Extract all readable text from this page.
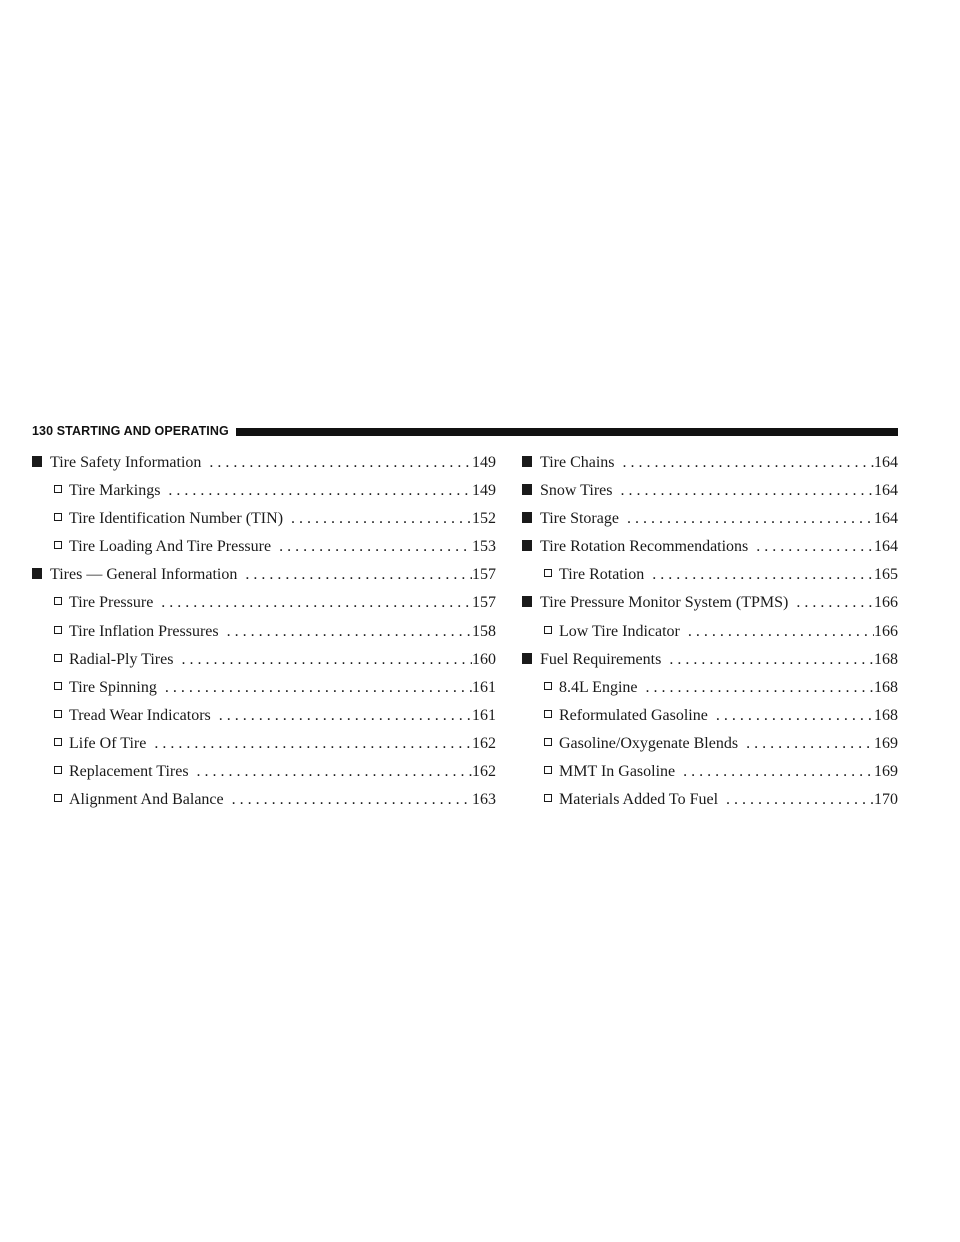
130 STARTING AND OPERATING
Tire Safety Information . . .	149
Tire Markings . . .	149
Tire Identification Number (TIN) . . .	152
Tire Loading And Tire Pressure . . .	153
Tires — General Information . . .	157
Tire Pressure . . .	157
Tire Inflation Pressures . . .	158
Radial-Ply Tires . . .	160
Tire Spinning . . .	161
Tread Wear Indicators . . .	161
Life Of Tire . . .	162
Replacement Tires . . .	162
Alignment And Balance . . .	163
Tire Chains . . .	164
Snow Tires . . .	164
Tire Storage . . .	164
Tire Rotation Recommendations . . .	164
Tire Rotation . . .	165
Tire Pressure Monitor System (TPMS) . . .	166
Low Tire Indicator . . .	166
Fuel Requirements . . .	168
8.4L Engine . . .	168
Reformulated Gasoline . . .	168
Gasoline/Oxygenate Blends . . .	169
MMT In Gasoline . . .	169
Materials Added To Fuel . . .	170
